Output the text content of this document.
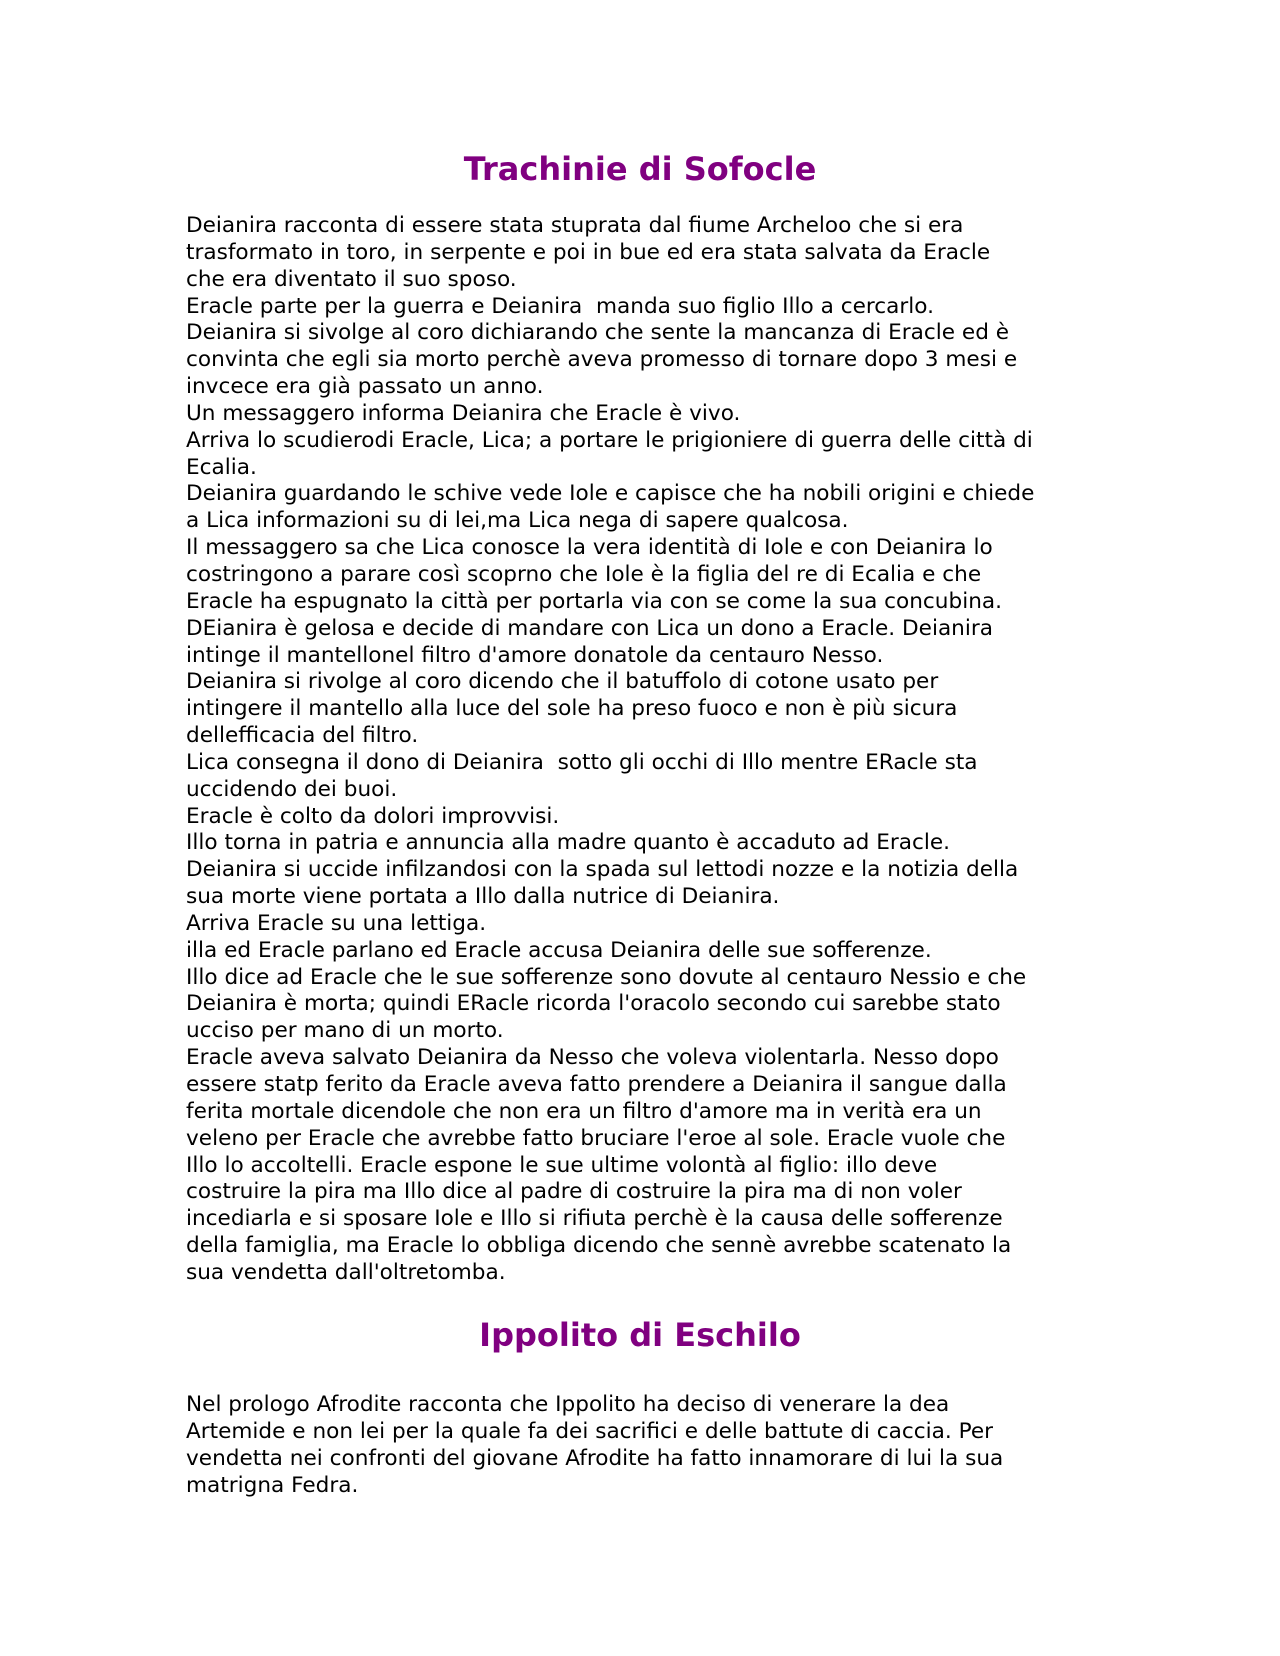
Trachinie di Sofocle
Deianira racconta di essere stata stuprata dal fiume Archeloo che si era
trasformato in toro, in serpente e poi in bue ed era stata salvata da Eracle
che era diventato il suo sposo.
Eracle parte per la guerra e Deianira  manda suo figlio Illo a cercarlo.
Deianira si sivolge al coro dichiarando che sente la mancanza di Eracle ed è
convinta che egli sia morto perchè aveva promesso di tornare dopo 3 mesi e
invcece era già passato un anno.
Un messaggero informa Deianira che Eracle è vivo.
Arriva lo scudierodi Eracle, Lica; a portare le prigioniere di guerra delle città di
Ecalia.
Deianira guardando le schive vede Iole e capisce che ha nobili origini e chiede
a Lica informazioni su di lei,ma Lica nega di sapere qualcosa.
Il messaggero sa che Lica conosce la vera identità di Iole e con Deianira lo
costringono a parare così scoprno che Iole è la figlia del re di Ecalia e che
Eracle ha espugnato la città per portarla via con se come la sua concubina.
DEianira è gelosa e decide di mandare con Lica un dono a Eracle. Deianira
intinge il mantellonel filtro d'amore donatole da centauro Nesso.
Deianira si rivolge al coro dicendo che il batuffolo di cotone usato per
intingere il mantello alla luce del sole ha preso fuoco e non è più sicura
dellefficacia del filtro.
Lica consegna il dono di Deianira  sotto gli occhi di Illo mentre ERacle sta
uccidendo dei buoi.
Eracle è colto da dolori improvvisi.
Illo torna in patria e annuncia alla madre quanto è accaduto ad Eracle.
Deianira si uccide infilzandosi con la spada sul lettodi nozze e la notizia della
sua morte viene portata a Illo dalla nutrice di Deianira.
Arriva Eracle su una lettiga.
illa ed Eracle parlano ed Eracle accusa Deianira delle sue sofferenze.
Illo dice ad Eracle che le sue sofferenze sono dovute al centauro Nessio e che
Deianira è morta; quindi ERacle ricorda l'oracolo secondo cui sarebbe stato
ucciso per mano di un morto.
Eracle aveva salvato Deianira da Nesso che voleva violentarla. Nesso dopo
essere statp ferito da Eracle aveva fatto prendere a Deianira il sangue dalla
ferita mortale dicendole che non era un filtro d'amore ma in verità era un
veleno per Eracle che avrebbe fatto bruciare l'eroe al sole. Eracle vuole che
Illo lo accoltelli. Eracle espone le sue ultime volontà al figlio: illo deve
costruire la pira ma Illo dice al padre di costruire la pira ma di non voler
incediarla e si sposare Iole e Illo si rifiuta perchè è la causa delle sofferenze
della famiglia, ma Eracle lo obbliga dicendo che sennè avrebbe scatenato la
sua vendetta dall'oltretomba.
Ippolito di Eschilo
Nel prologo Afrodite racconta che Ippolito ha deciso di venerare la dea
Artemide e non lei per la quale fa dei sacrifici e delle battute di caccia. Per
vendetta nei confronti del giovane Afrodite ha fatto innamorare di lui la sua
matrigna Fedra.
